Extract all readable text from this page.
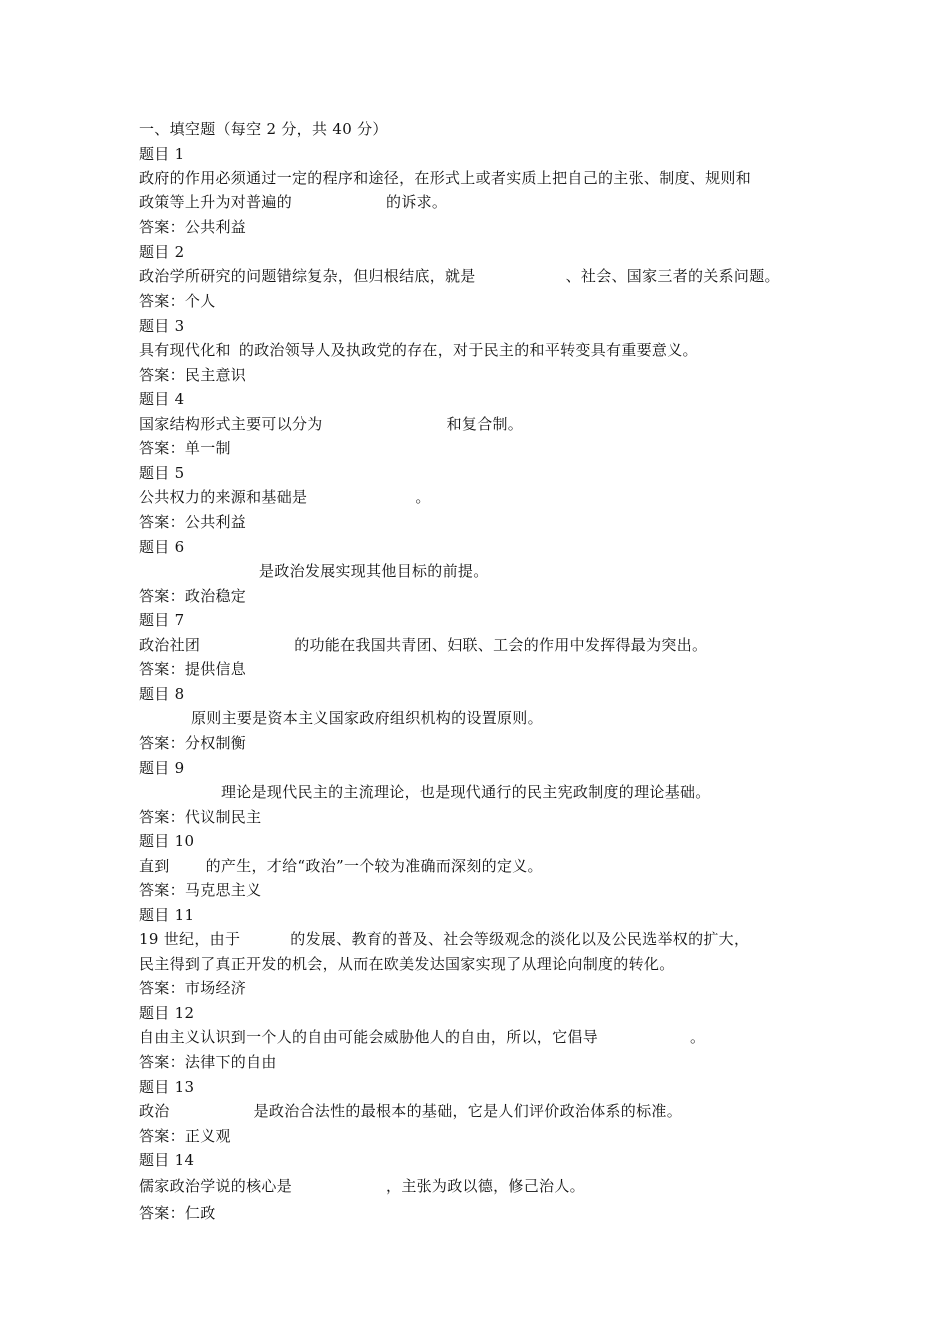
一、填空题（每空 2 分，共 40 分）

题目 1

政府的作用必须通过一定的程序和途径，在形式上或者实质上把自己的主张、制度、规则和

政策等上升为对普遍的	的诉求。

答案：公共利益

题目 2

政治学所研究的问题错综复杂，但归根结底，就是	、社会、国家三者的关系问题。

答案：个人

题目 3

具有现代化和 的政治领导人及执政党的存在，对于民主的和平转变具有重要意义。

答案：民主意识

题目 4

国家结构形式主要可以分为	和复合制。

答案：单一制

题目 5

公共权力的来源和基础是	。

答案：公共利益

题目 6

是政治发展实现其他目标的前提。

答案：政治稳定

题目 7

政治社团	的功能在我国共青团、妇联、工会的作用中发挥得最为突出。

答案：提供信息

题目 8

原则主要是资本主义国家政府组织机构的设置原则。

答案：分权制衡

题目 9

理论是现代民主的主流理论，也是现代通行的民主宪政制度的理论基础。

答案：代议制民主

题目 10

直到 的产生，才给“政治”一个较为准确而深刻的定义。

答案：马克思主义

题目 11

19 世纪，由于	的发展、教育的普及、社会等级观念的淡化以及公民选举权的扩大，

民主得到了真正开发的机会，从而在欧美发达国家实现了从理论向制度的转化。

答案：市场经济

题目 12

自由主义认识到一个人的自由可能会威胁他人的自由，所以，它倡导	。

答案：法律下的自由

题目 13

政治	是政治合法性的最根本的基础，它是人们评价政治体系的标准。

答案：正义观

题目 14

儒家政治学说的核心是	，主张为政以德，修己治人。

答案：仁政
